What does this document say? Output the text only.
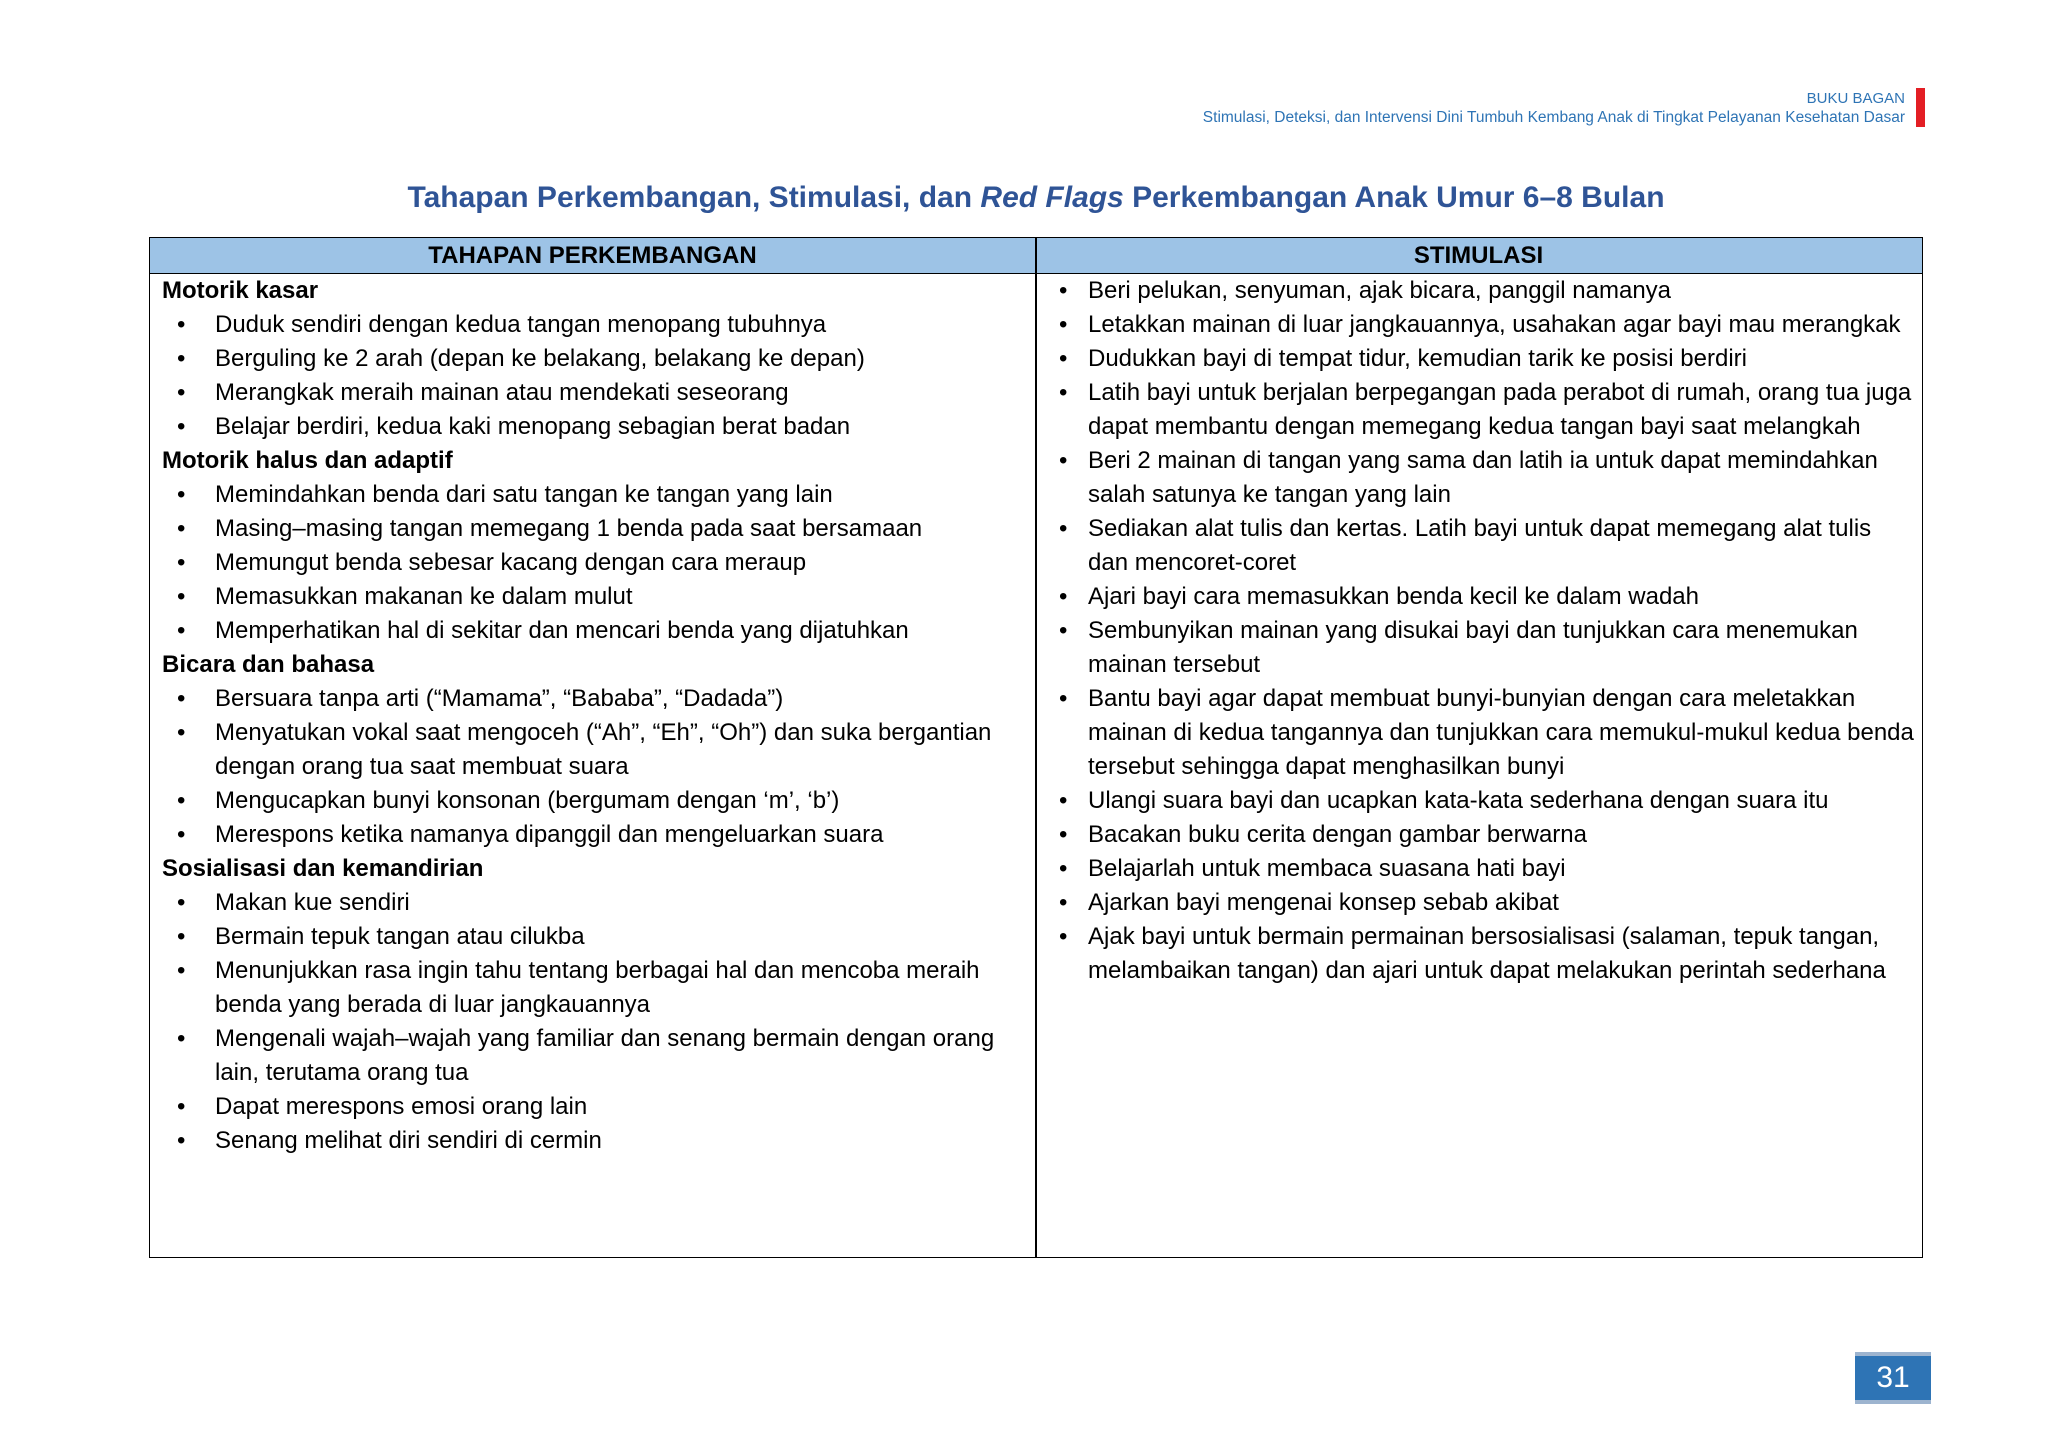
BUKU BAGAN
Stimulasi, Deteksi, dan Intervensi Dini Tumbuh Kembang Anak di Tingkat Pelayanan Kesehatan Dasar
Tahapan Perkembangan, Stimulasi, dan Red Flags Perkembangan Anak Umur 6–8 Bulan
TAHAPAN PERKEMBANGAN	STIMULASI
Motorik kasar
• Duduk sendiri dengan kedua tangan menopang tubuhnya
• Berguling ke 2 arah (depan ke belakang, belakang ke depan)
• Merangkak meraih mainan atau mendekati seseorang
• Belajar berdiri, kedua kaki menopang sebagian berat badan
Motorik halus dan adaptif
• Memindahkan benda dari satu tangan ke tangan yang lain
• Masing–masing tangan memegang 1 benda pada saat bersamaan
• Memungut benda sebesar kacang dengan cara meraup
• Memasukkan makanan ke dalam mulut
• Memperhatikan hal di sekitar dan mencari benda yang dijatuhkan
Bicara dan bahasa
• Bersuara tanpa arti (“Mamama”, “Bababa”, “Dadada”)
• Menyatukan vokal saat mengoceh (“Ah”, “Eh”, “Oh”) dan suka bergantian dengan orang tua saat membuat suara
• Mengucapkan bunyi konsonan (bergumam dengan ‘m’, ‘b’)
• Merespons ketika namanya dipanggil dan mengeluarkan suara
Sosialisasi dan kemandirian
• Makan kue sendiri
• Bermain tepuk tangan atau cilukba
• Menunjukkan rasa ingin tahu tentang berbagai hal dan mencoba meraih benda yang berada di luar jangkauannya
• Mengenali wajah–wajah yang familiar dan senang bermain dengan orang lain, terutama orang tua
• Dapat merespons emosi orang lain
• Senang melihat diri sendiri di cermin
• Beri pelukan, senyuman, ajak bicara, panggil namanya
• Letakkan mainan di luar jangkauannya, usahakan agar bayi mau merangkak
• Dudukkan bayi di tempat tidur, kemudian tarik ke posisi berdiri
• Latih bayi untuk berjalan berpegangan pada perabot di rumah, orang tua juga dapat membantu dengan memegang kedua tangan bayi saat melangkah
• Beri 2 mainan di tangan yang sama dan latih ia untuk dapat memindahkan salah satunya ke tangan yang lain
• Sediakan alat tulis dan kertas. Latih bayi untuk dapat memegang alat tulis dan mencoret-coret
• Ajari bayi cara memasukkan benda kecil ke dalam wadah
• Sembunyikan mainan yang disukai bayi dan tunjukkan cara menemukan mainan tersebut
• Bantu bayi agar dapat membuat bunyi-bunyian dengan cara meletakkan mainan di kedua tangannya dan tunjukkan cara memukul-mukul kedua benda tersebut sehingga dapat menghasilkan bunyi
• Ulangi suara bayi dan ucapkan kata-kata sederhana dengan suara itu
• Bacakan buku cerita dengan gambar berwarna
• Belajarlah untuk membaca suasana hati bayi
• Ajarkan bayi mengenai konsep sebab akibat
• Ajak bayi untuk bermain permainan bersosialisasi (salaman, tepuk tangan, melambaikan tangan) dan ajari untuk dapat melakukan perintah sederhana
31
